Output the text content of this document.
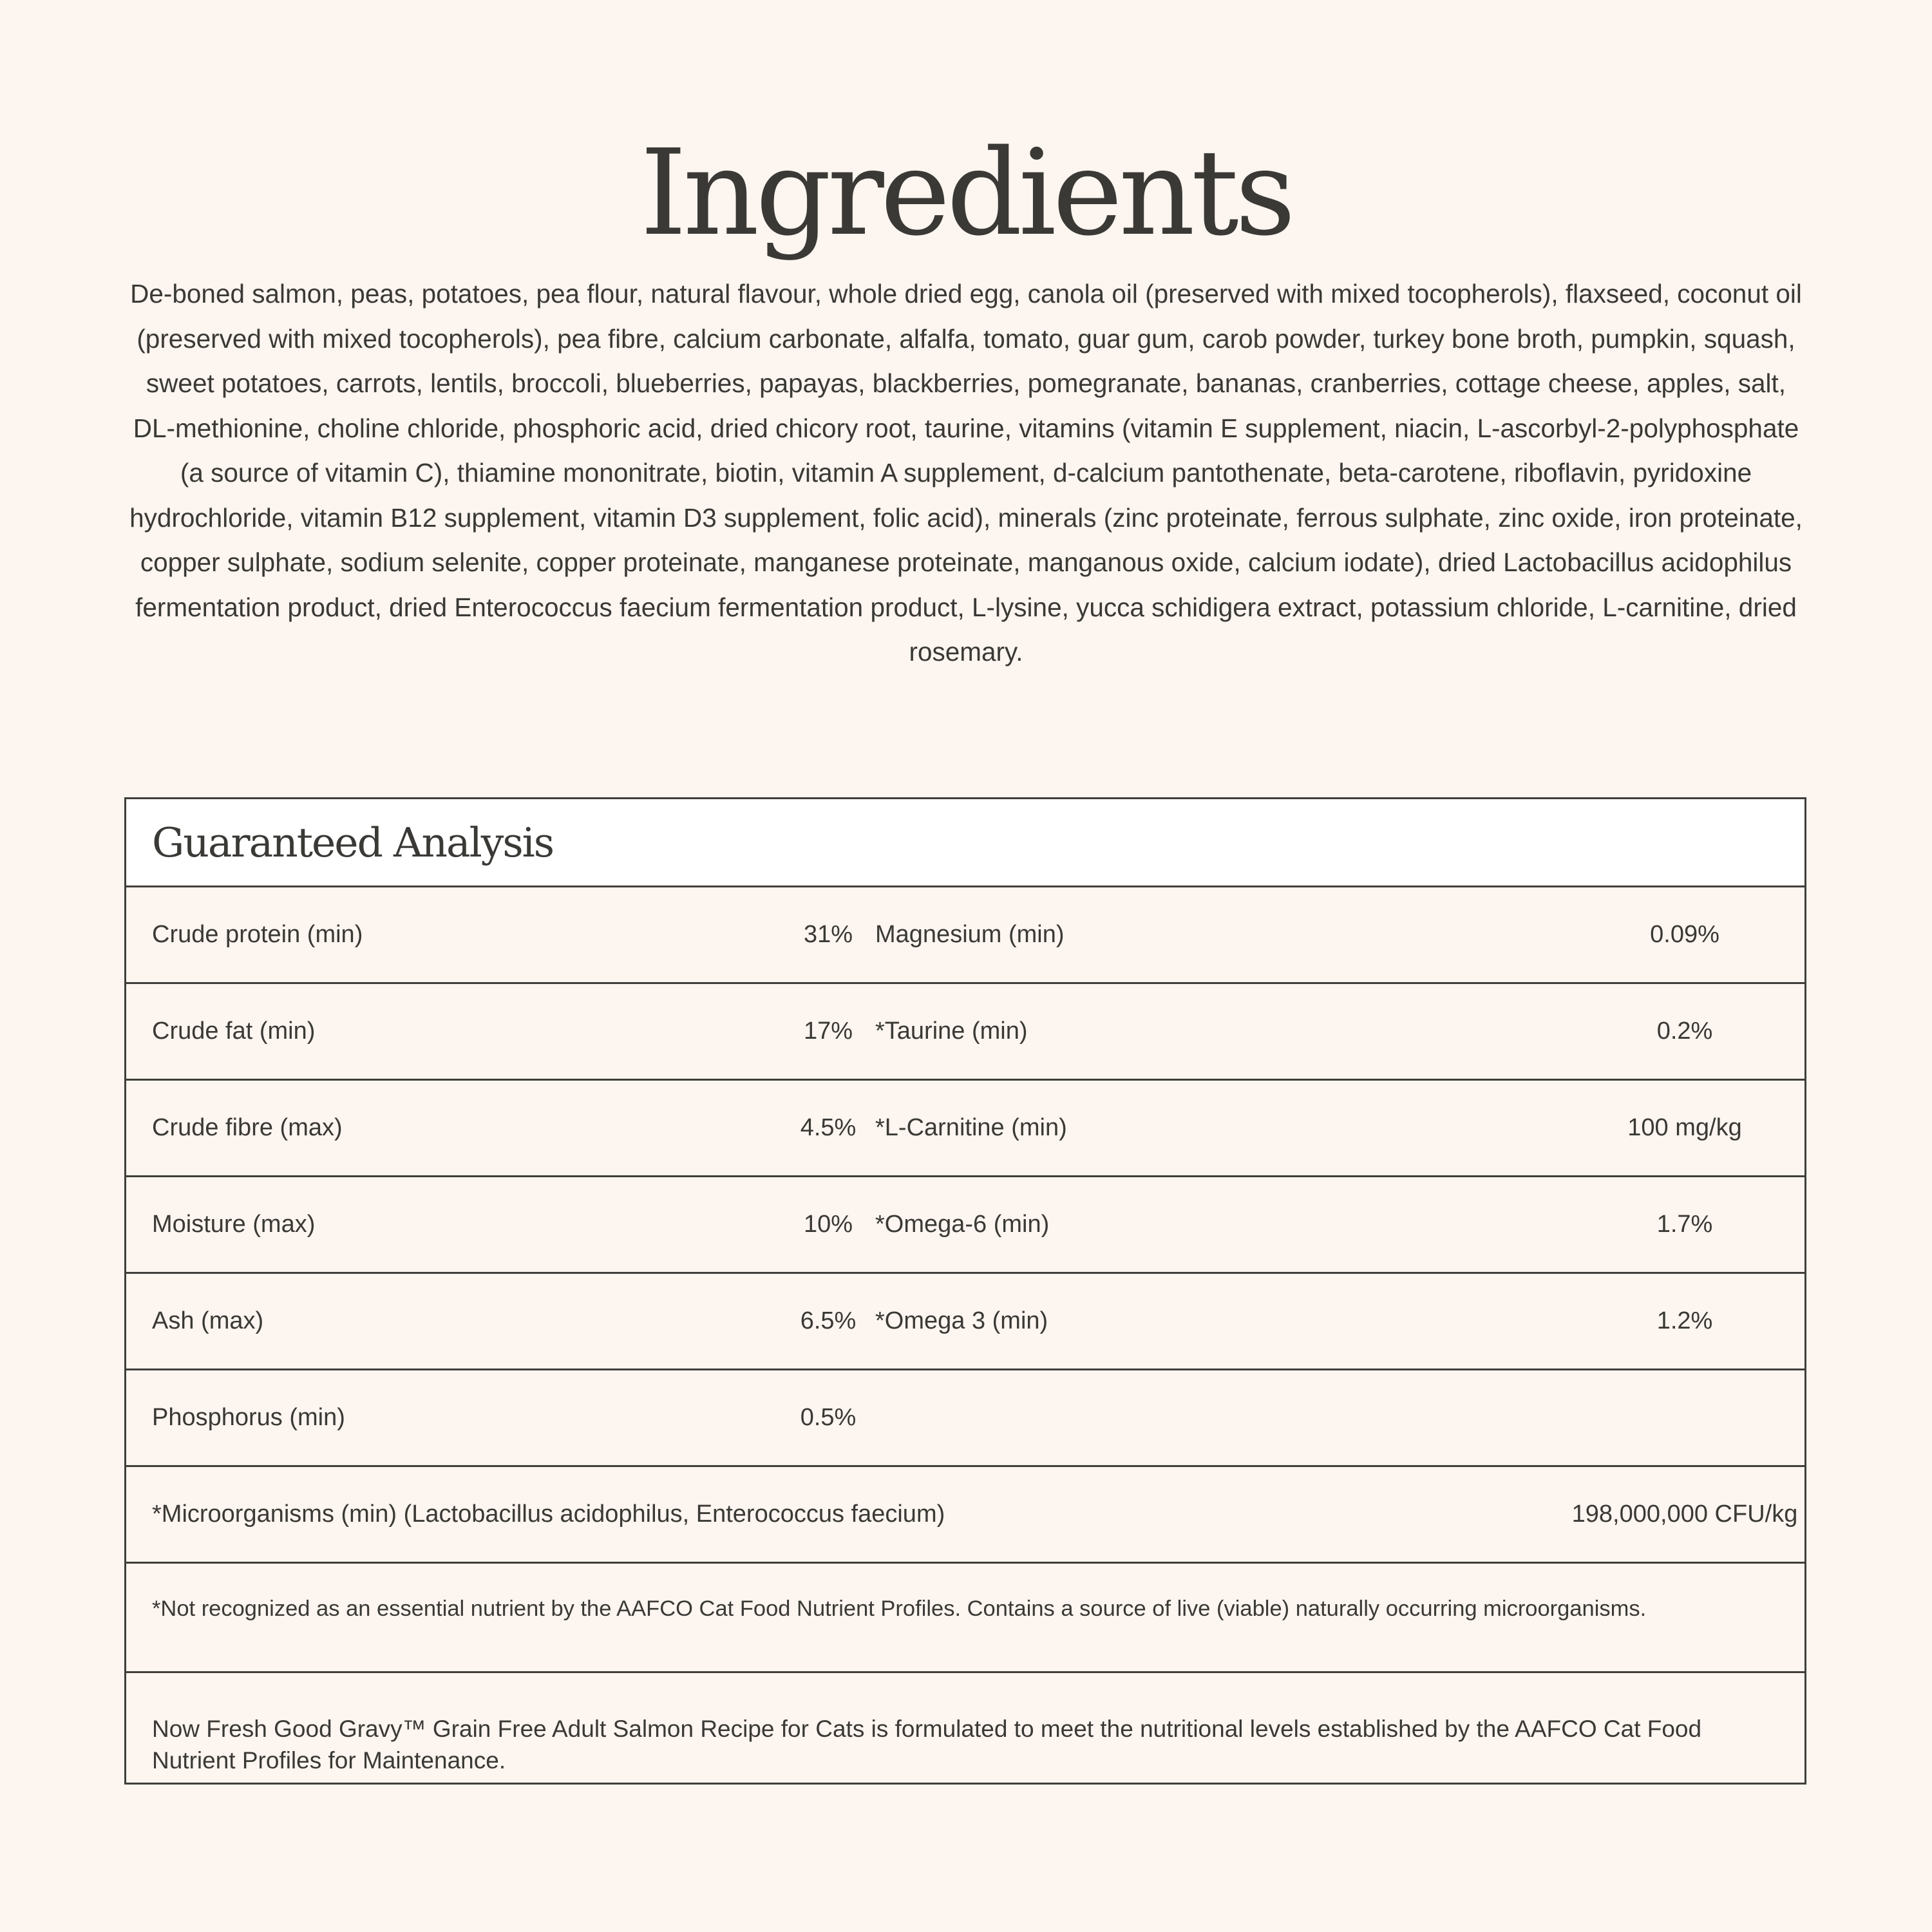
Ingredients

De-boned salmon, peas, potatoes, pea flour, natural flavour, whole dried egg, canola oil (preserved with mixed tocopherols), flaxseed, coconut oil (preserved with mixed tocopherols), pea fibre, calcium carbonate, alfalfa, tomato, guar gum, carob powder, turkey bone broth, pumpkin, squash, sweet potatoes, carrots, lentils, broccoli, blueberries, papayas, blackberries, pomegranate, bananas, cranberries, cottage cheese, apples, salt, DL-methionine, choline chloride, phosphoric acid, dried chicory root, taurine, vitamins (vitamin E supplement, niacin, L-ascorbyl-2-polyphosphate (a source of vitamin C), thiamine mononitrate, biotin, vitamin A supplement, d-calcium pantothenate, beta-carotene, riboflavin, pyridoxine hydrochloride, vitamin B12 supplement, vitamin D3 supplement, folic acid), minerals (zinc proteinate, ferrous sulphate, zinc oxide, iron proteinate, copper sulphate, sodium selenite, copper proteinate, manganese proteinate, manganous oxide, calcium iodate), dried Lactobacillus acidophilus fermentation product, dried Enterococcus faecium fermentation product, L-lysine, yucca schidigera extract, potassium chloride, L-carnitine, dried rosemary.

Guaranteed Analysis
Crude protein (min)	31% Magnesium (min)	0.09%
Crude fat (min)	17% *Taurine (min)	0.2%
Crude fibre (max)	4.5% *L-Carnitine (min)	100 mg/kg
Moisture (max)	10% *Omega-6 (min)	1.7%
Ash (max)	6.5% *Omega 3 (min)	1.2%
Phosphorus (min)	0.5%
*Microorganisms (min) (Lactobacillus acidophilus, Enterococcus faecium)	198,000,000 CFU/kg
*Not recognized as an essential nutrient by the AAFCO Cat Food Nutrient Profiles. Contains a source of live (viable) naturally occurring microorganisms.
Now Fresh Good Gravy™ Grain Free Adult Salmon Recipe for Cats is formulated to meet the nutritional levels established by the AAFCO Cat Food Nutrient Profiles for Maintenance.
